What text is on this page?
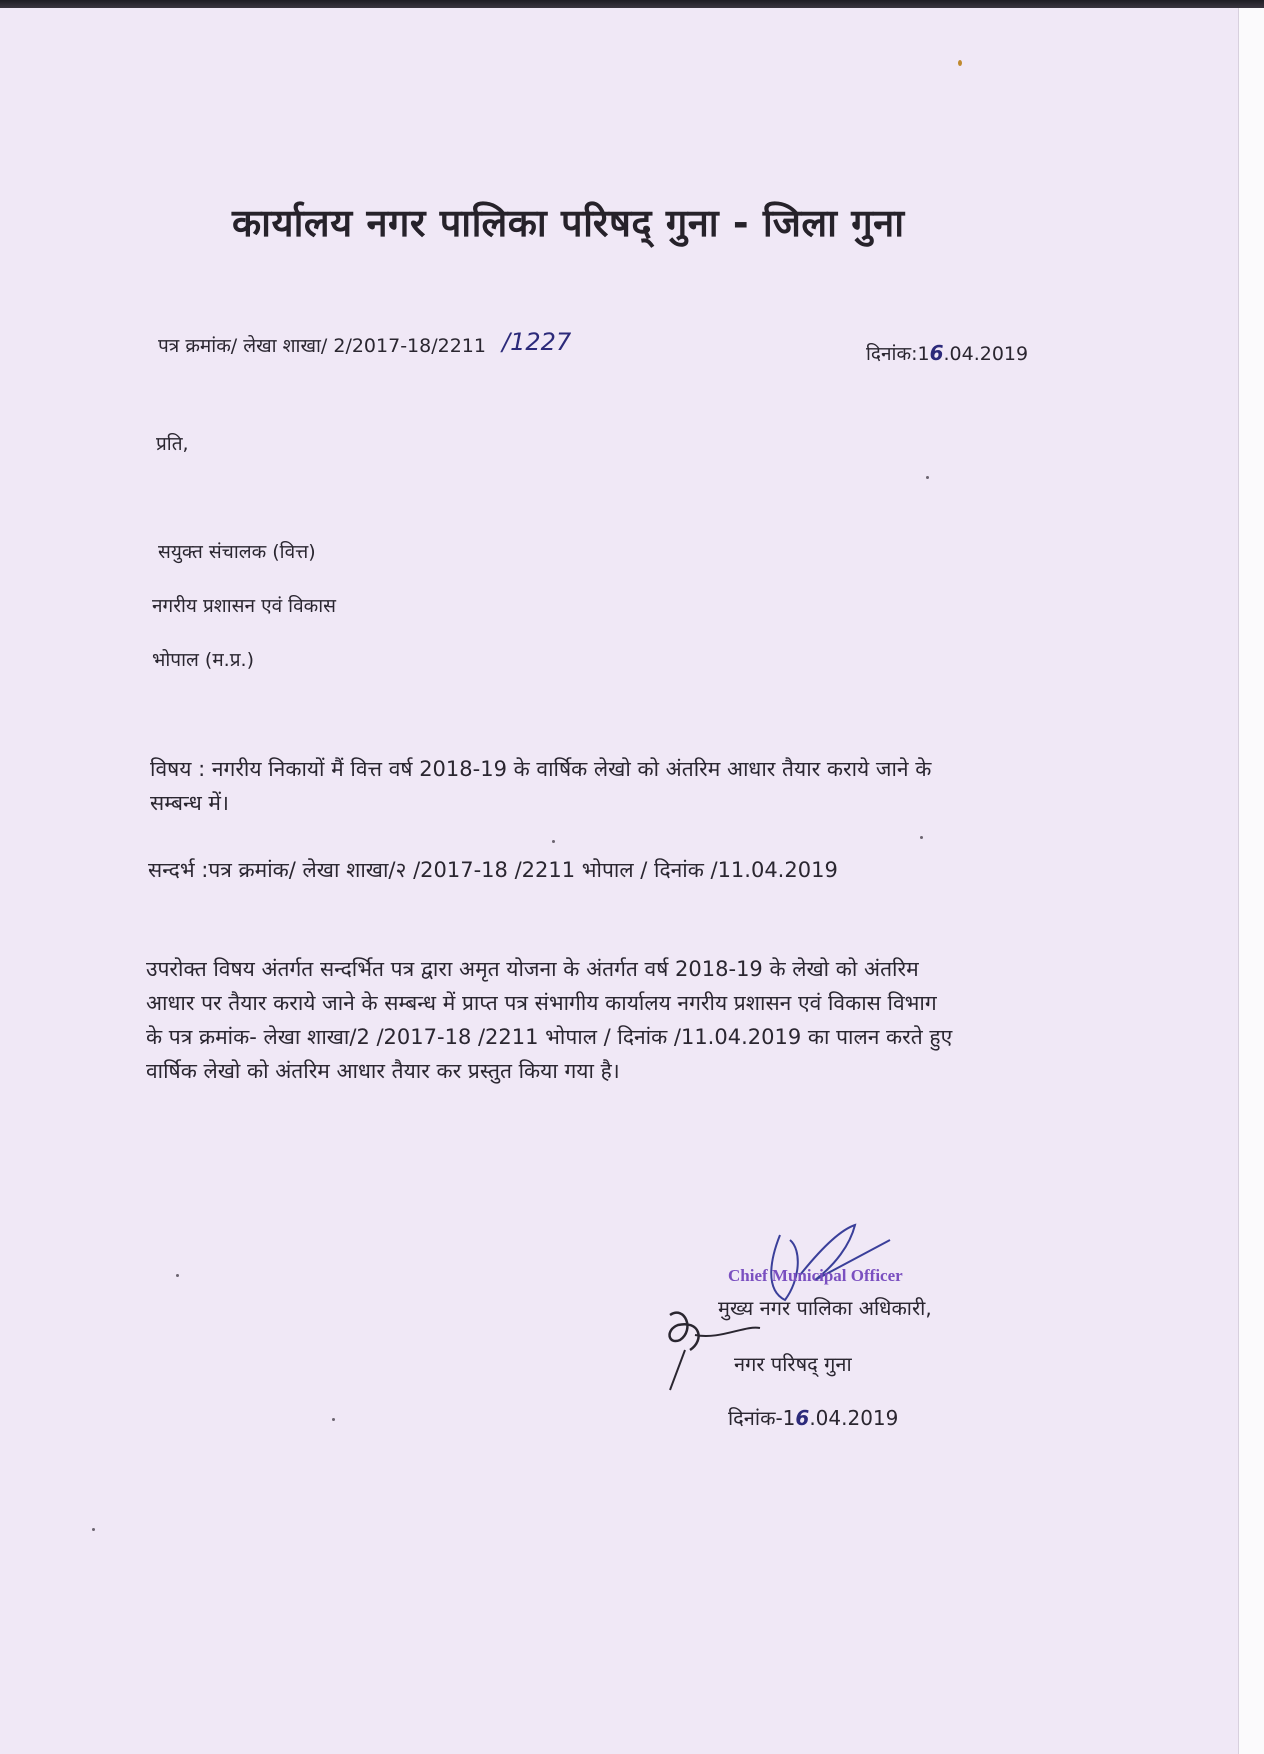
कार्यालय नगर पालिका परिषद् गुना - जिला गुना
पत्र क्रमांक/ लेखा शाखा/ 2/2017-18/2211 /1227	दिनांक:16.04.2019
प्रति,
सयुक्त संचालक (वित्त)
नगरीय प्रशासन एवं विकास
भोपाल (म.प्र.)
विषय : नगरीय निकायों मैं वित्त वर्ष 2018-19 के वार्षिक लेखो को अंतरिम आधार तैयार कराये जाने के
सम्बन्ध में।
सन्दर्भ :पत्र क्रमांक/ लेखा शाखा/२ /2017-18 /2211 भोपाल / दिनांक /11.04.2019
उपरोक्त विषय अंतर्गत सन्दर्भित पत्र द्वारा अमृत योजना के अंतर्गत वर्ष 2018-19 के लेखो को अंतरिम
आधार पर तैयार कराये जाने के सम्बन्ध में प्राप्त पत्र संभागीय कार्यालय नगरीय प्रशासन एवं विकास विभाग
के पत्र क्रमांक- लेखा शाखा/2 /2017-18 /2211 भोपाल / दिनांक /11.04.2019 का पालन करते हुए
वार्षिक लेखो को अंतरिम आधार तैयार कर प्रस्तुत किया गया है।
Chief Municipal Officer
मुख्य नगर पालिका अधिकारी,
नगर परिषद् गुना
दिनांक-16.04.2019
